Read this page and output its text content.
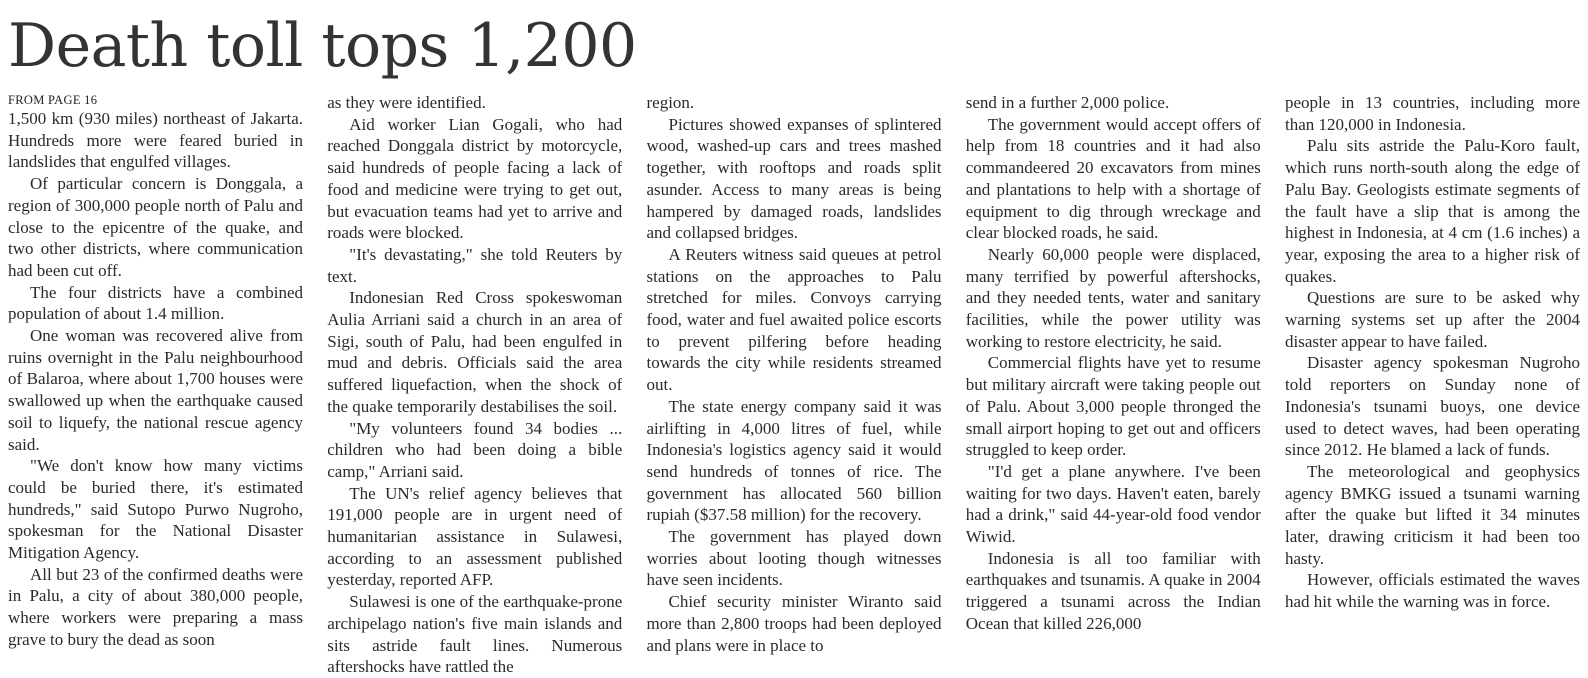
Death toll tops 1,200
FROM PAGE 16

1,500 km (930 miles) northeast of Jakarta. Hundreds more were feared buried in landslides that engulfed villages.

Of particular concern is Donggala, a region of 300,000 people north of Palu and close to the epicentre of the quake, and two other districts, where communication had been cut off.

The four districts have a combined population of about 1.4 million.

One woman was recovered alive from ruins overnight in the Palu neighbourhood of Balaroa, where about 1,700 houses were swallowed up when the earthquake caused soil to liquefy, the national rescue agency said.

"We don't know how many victims could be buried there, it's estimated hundreds," said Sutopo Purwo Nugroho, spokesman for the National Disaster Mitigation Agency.

All but 23 of the confirmed deaths were in Palu, a city of about 380,000 people, where workers were preparing a mass grave to bury the dead as soon

as they were identified.

Aid worker Lian Gogali, who had reached Donggala district by motorcycle, said hundreds of people facing a lack of food and medicine were trying to get out, but evacuation teams had yet to arrive and roads were blocked.

"It's devastating," she told Reuters by text.

Indonesian Red Cross spokeswoman Aulia Arriani said a church in an area of Sigi, south of Palu, had been engulfed in mud and debris. Officials said the area suffered liquefaction, when the shock of the quake temporarily destabilises the soil.

"My volunteers found 34 bodies ... children who had been doing a bible camp," Arriani said.

The UN's relief agency believes that 191,000 people are in urgent need of humanitarian assistance in Sulawesi, according to an assessment published yesterday, reported AFP.

Sulawesi is one of the earthquake-prone archipelago nation's five main islands and sits astride fault lines. Numerous aftershocks have rattled the

region.

Pictures showed expanses of splintered wood, washed-up cars and trees mashed together, with rooftops and roads split asunder. Access to many areas is being hampered by damaged roads, landslides and collapsed bridges.

A Reuters witness said queues at petrol stations on the approaches to Palu stretched for miles. Convoys carrying food, water and fuel awaited police escorts to prevent pilfering before heading towards the city while residents streamed out.

The state energy company said it was airlifting in 4,000 litres of fuel, while Indonesia's logistics agency said it would send hundreds of tonnes of rice. The government has allocated 560 billion rupiah ($37.58 million) for the recovery.

The government has played down worries about looting though witnesses have seen incidents.

Chief security minister Wiranto said more than 2,800 troops had been deployed and plans were in place to

send in a further 2,000 police.

The government would accept offers of help from 18 countries and it had also commandeered 20 excavators from mines and plantations to help with a shortage of equipment to dig through wreckage and clear blocked roads, he said.

Nearly 60,000 people were displaced, many terrified by powerful aftershocks, and they needed tents, water and sanitary facilities, while the power utility was working to restore electricity, he said.

Commercial flights have yet to resume but military aircraft were taking people out of Palu. About 3,000 people thronged the small airport hoping to get out and officers struggled to keep order.

"I'd get a plane anywhere. I've been waiting for two days. Haven't eaten, barely had a drink," said 44-year-old food vendor Wiwid.

Indonesia is all too familiar with earthquakes and tsunamis. A quake in 2004 triggered a tsunami across the Indian Ocean that killed 226,000

people in 13 countries, including more than 120,000 in Indonesia.

Palu sits astride the Palu-Koro fault, which runs north-south along the edge of Palu Bay. Geologists estimate segments of the fault have a slip that is among the highest in Indonesia, at 4 cm (1.6 inches) a year, exposing the area to a higher risk of quakes.

Questions are sure to be asked why warning systems set up after the 2004 disaster appear to have failed.

Disaster agency spokesman Nugroho told reporters on Sunday none of Indonesia's tsunami buoys, one device used to detect waves, had been operating since 2012. He blamed a lack of funds.

The meteorological and geophysics agency BMKG issued a tsunami warning after the quake but lifted it 34 minutes later, drawing criticism it had been too hasty.

However, officials estimated the waves had hit while the warning was in force.
